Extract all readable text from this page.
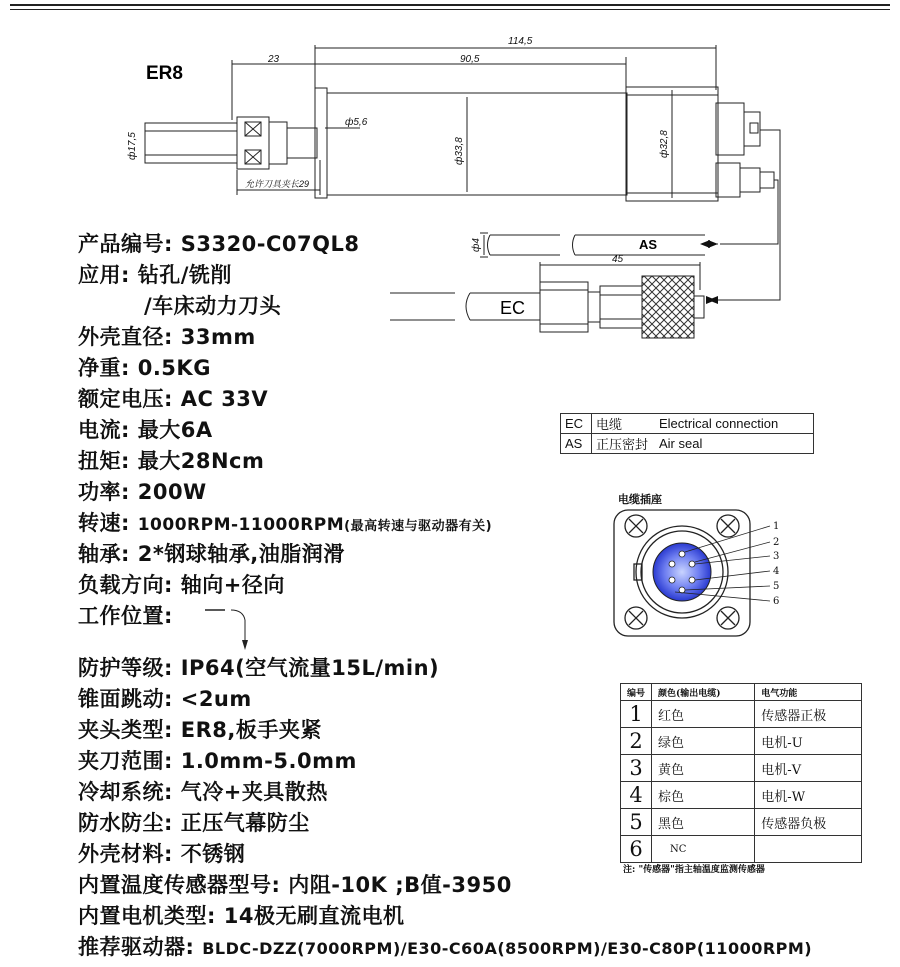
ER8
114,5
23	90,5
ф5,6
允许刀具夹长29
45
ф17,5	ф33,8	ф32,8
ф4	AS
EC
产品编号: S3320-C07QL8
应用: 钻孔/铣削
/车床动力刀头
外壳直径: 33mm
净重: 0.5KG
额定电压: AC 33V
电流: 最大6A
扭矩: 最大28Ncm
功率: 200W
转速: 1000RPM-11000RPM(最高转速与驱动器有关)
轴承: 2*钢球轴承,油脂润滑
负载方向: 轴向+径向
工作位置:
防护等级: IP64(空气流量15L/min)
锥面跳动: <2um
夹头类型: ER8,板手夹紧
夹刀范围: 1.0mm-5.0mm
冷却系统: 气冷+夹具散热
防水防尘: 正压气幕防尘
外壳材料: 不锈钢
内置温度传感器型号: 内阻-10K ;B值-3950
内置电机类型: 14极无刷直流电机
推荐驱动器: BLDC-DZZ(7000RPM)/E30-C60A(8500RPM)/E30-C80P(11000RPM)
EC	电缆	Electrical connection
AS	正压密封	Air seal
电缆插座
1
2
3
4
5
6
编号	颜色(输出电缆)	电气功能
1	红色	传感器正极
2	绿色	电机-U
3	黄色	电机-V
4	棕色	电机-W
5	黑色	传感器负极
6	NC	
注: "传感器"指主轴温度监测传感器
